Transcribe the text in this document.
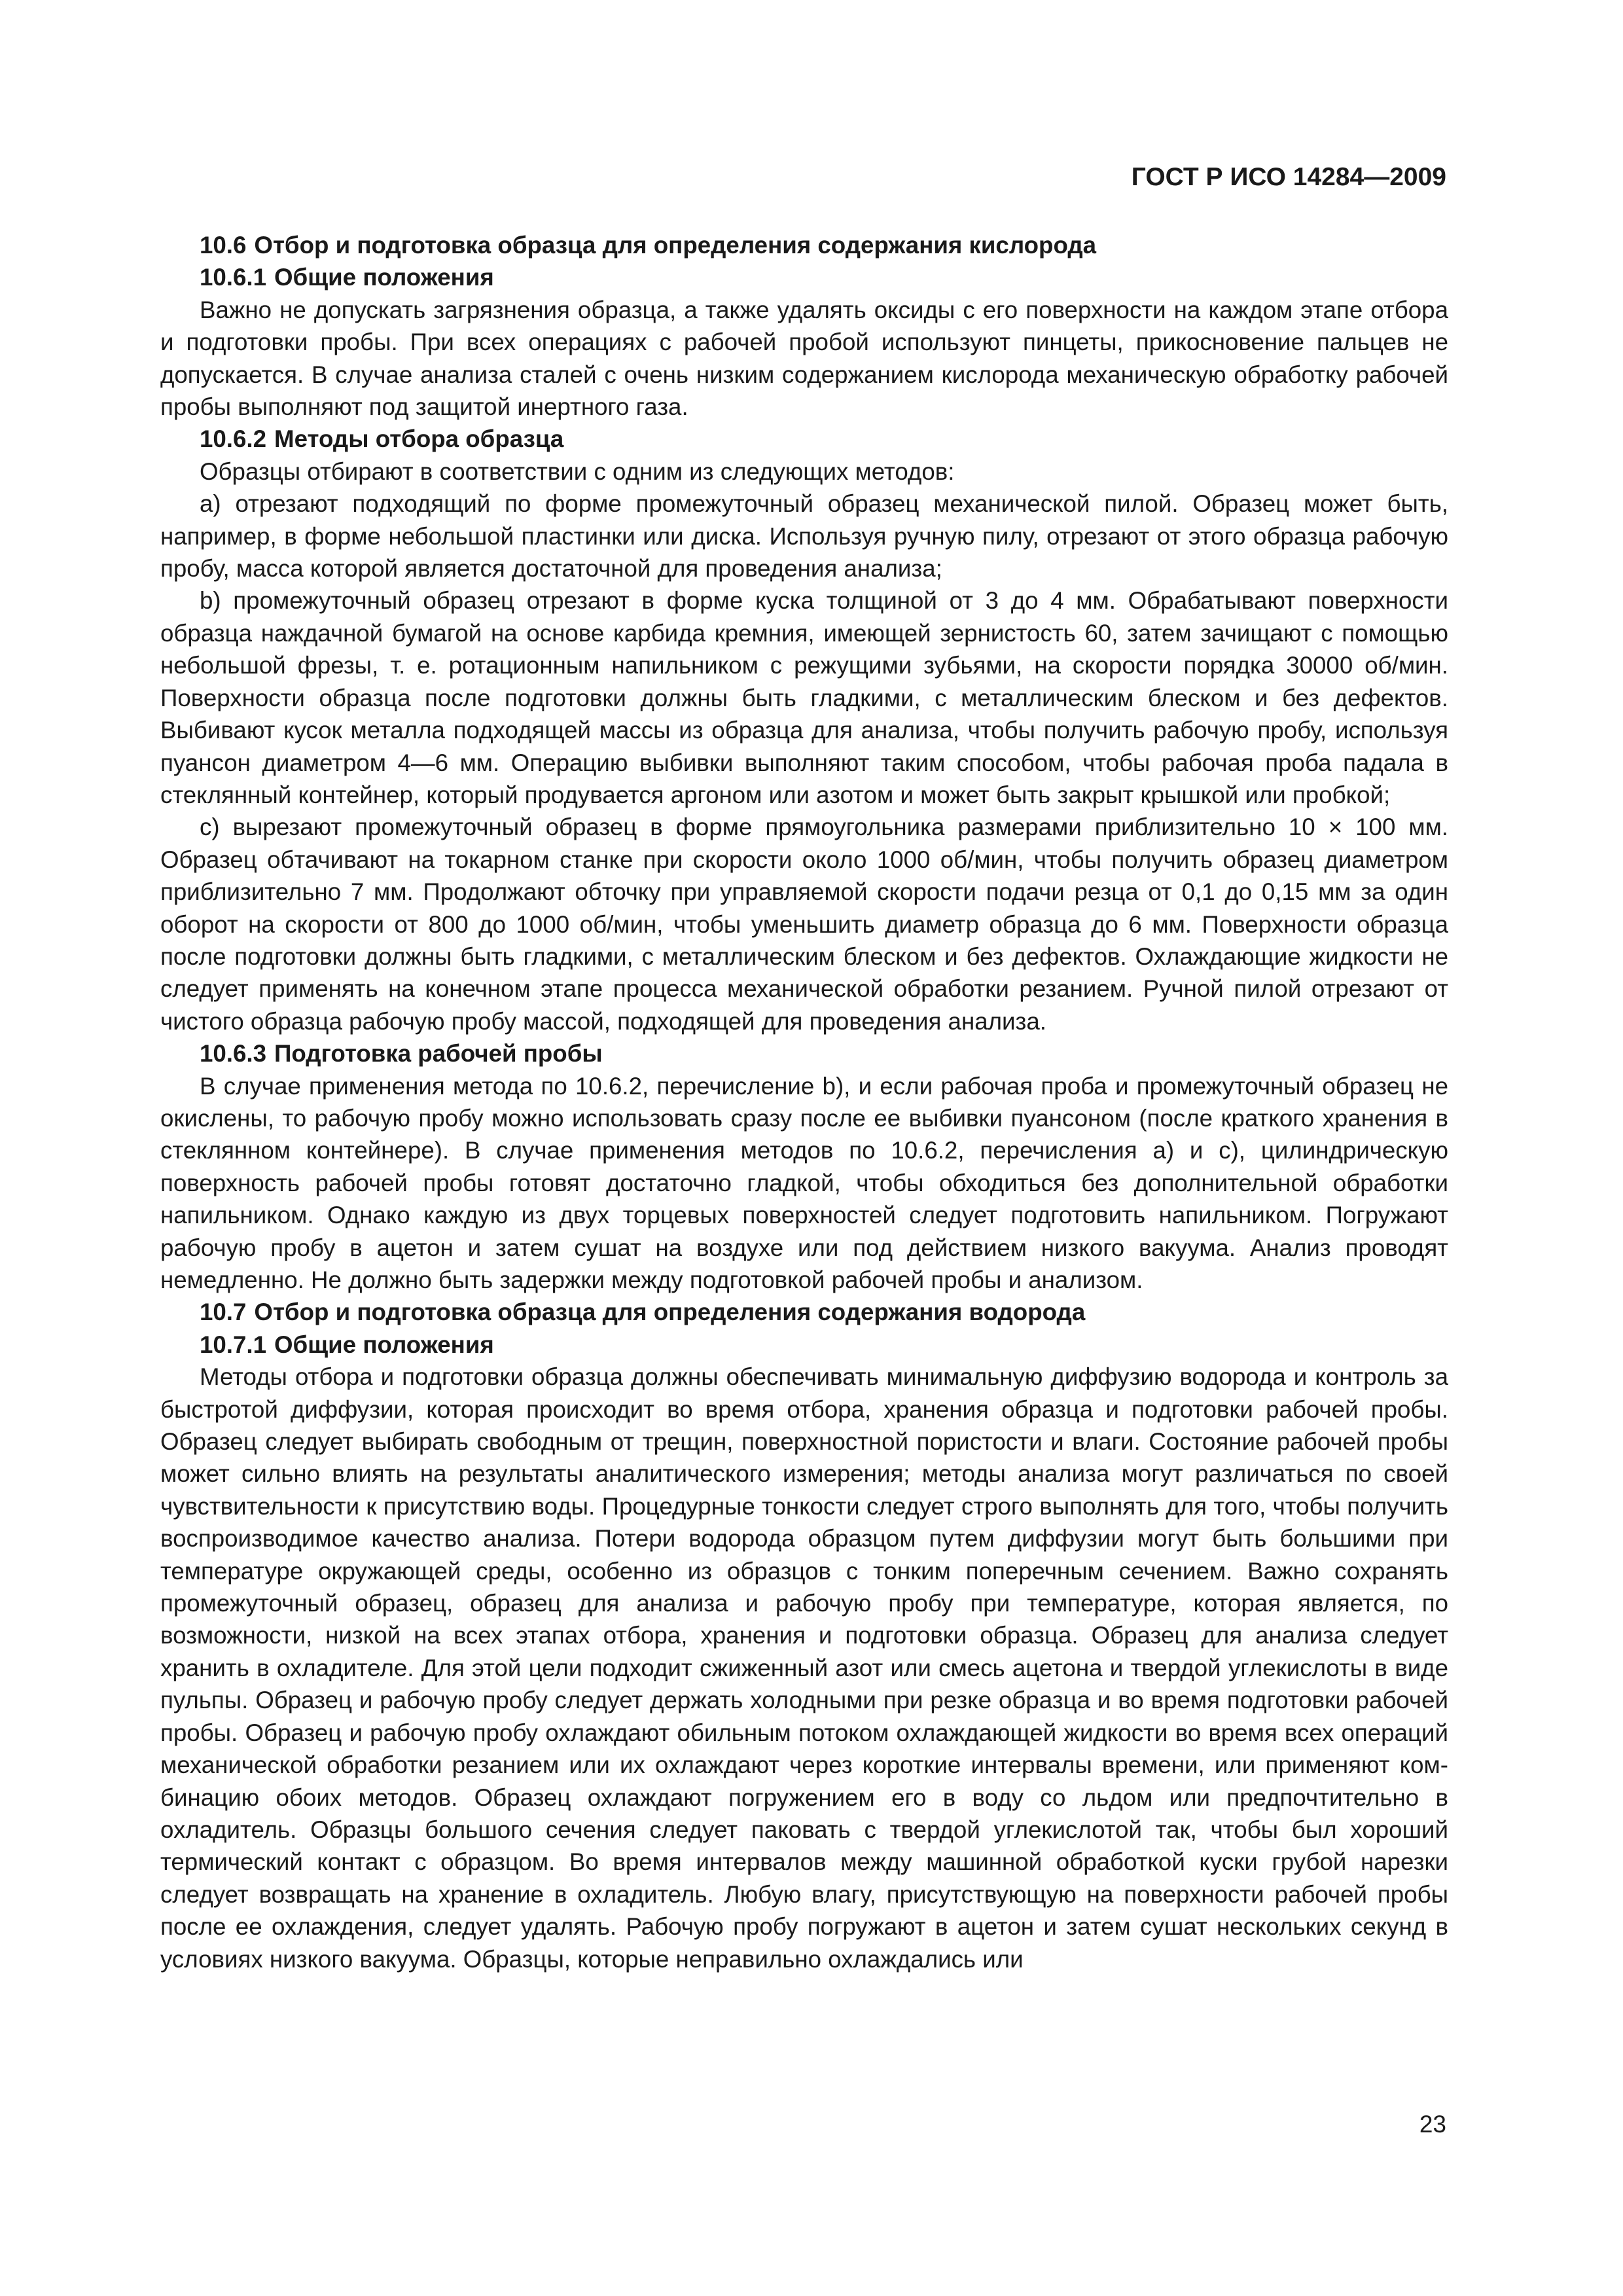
ГОСТ Р ИСО 14284—2009
10.6 Отбор и подготовка образца для определения содержания кислорода
10.6.1 Общие положения

Важно не допускать загрязнения образца, а также удалять оксиды с его поверхности на каждом этапе отбора и подготовки пробы. При всех операциях с рабочей пробой используют пинцеты, прикосновение пальцев не допускается. В случае анализа сталей с очень низким содержанием кислорода механическую обработку рабочей пробы выполняют под защитой инертного газа.

10.6.2 Методы отбора образца

Образцы отбирают в соответствии с одним из следующих методов:

а) отрезают подходящий по форме промежуточный образец механической пилой. Образец может быть, например, в форме небольшой пластинки или диска. Используя ручную пилу, отрезают от этого образца рабочую пробу, масса которой является достаточной для проведения анализа;

b) промежуточный образец отрезают в форме куска толщиной от 3 до 4 мм. Обрабатывают поверхности образца наждачной бумагой на основе карбида кремния, имеющей зернистость 60, затем зачищают с помощью небольшой фрезы, т. е. ротационным напильником с режущими зубьями, на скорости порядка 30000 об/мин. Поверхности образца после подготовки должны быть гладкими, с металлическим блеском и без дефектов. Выбивают кусок металла подходящей массы из образца для анализа, чтобы получить рабочую пробу, используя пуансон диаметром 4—6 мм. Операцию выбивки выполняют таким способом, чтобы рабочая проба падала в стеклянный контейнер, который продувается аргоном или азотом и может быть закрыт крышкой или пробкой;

с) вырезают промежуточный образец в форме прямоугольника размерами приблизительно 10 × 100 мм. Образец обтачивают на токарном станке при скорости около 1000 об/мин, чтобы получить образец диаметром приблизительно 7 мм. Продолжают обточку при управляемой скорости подачи резца от 0,1 до 0,15 мм за один оборот на скорости от 800 до 1000 об/мин, чтобы уменьшить диаметр образца до 6 мм. Поверхности образца после подготовки должны быть гладкими, с металлическим блеском и без дефектов. Охлаждающие жидкости не следует применять на конечном этапе процесса механической обработки резанием. Ручной пилой отрезают от чистого образца рабочую пробу массой, подходящей для проведения анализа.

10.6.3 Подготовка рабочей пробы

В случае применения метода по 10.6.2, перечисление b), и если рабочая проба и промежуточный образец не окислены, то рабочую пробу можно использовать сразу после ее выбивки пуансоном (после краткого хранения в стеклянном контейнере). В случае применения методов по 10.6.2, перечисления а) и с), цилиндрическую поверхность рабочей пробы готовят достаточно гладкой, чтобы обходиться без дополнительной обработки напильником. Однако каждую из двух торцевых поверхностей следует подготовить напильником. Погружают рабочую пробу в ацетон и затем сушат на воздухе или под действием низкого вакуума. Анализ проводят немедленно. Не должно быть задержки между подготовкой рабочей пробы и анализом.

10.7 Отбор и подготовка образца для определения содержания водорода
10.7.1 Общие положения

Методы отбора и подготовки образца должны обеспечивать минимальную диффузию водорода и контроль за быстротой диффузии, которая происходит во время отбора, хранения образца и подготовки рабочей пробы. Образец следует выбирать свободным от трещин, поверхностной пористости и влаги. Состояние рабочей пробы может сильно влиять на результаты аналитического измерения; методы анализа могут различаться по своей чувствительности к присутствию воды. Процедурные тонкости следует строго выполнять для того, чтобы получить воспроизводимое качество анализа. Потери водорода образцом путем диффузии могут быть большими при температуре окружающей среды, особенно из образцов с тонким поперечным сечением. Важно сохранять промежуточный образец, образец для анализа и рабочую пробу при температуре, которая является, по возможности, низкой на всех этапах отбора, хранения и подготовки образца. Образец для анализа следует хранить в охладителе. Для этой цели подходит сжиженный азот или смесь ацетона и твердой углекислоты в виде пульпы. Образец и рабочую пробу следует держать холодными при резке образца и во время подготовки рабочей пробы. Образец и рабочую пробу охлаждают обильным потоком охлаждающей жидкости во время всех операций механической обработки резанием или их охлаждают через короткие интервалы времени, или применяют комбинацию обоих методов. Образец охлаждают погружением его в воду со льдом или предпочтительно в охладитель. Образцы большого сечения следует паковать с твердой углекислотой так, чтобы был хороший термический контакт с образцом. Во время интервалов между машинной обработкой куски грубой нарезки следует возвращать на хранение в охладитель. Любую влагу, присутствующую на поверхности рабочей пробы после ее охлаждения, следует удалять. Рабочую пробу погружают в ацетон и затем сушат нескольких секунд в условиях низкого вакуума. Образцы, которые неправильно охлаждались или

23
